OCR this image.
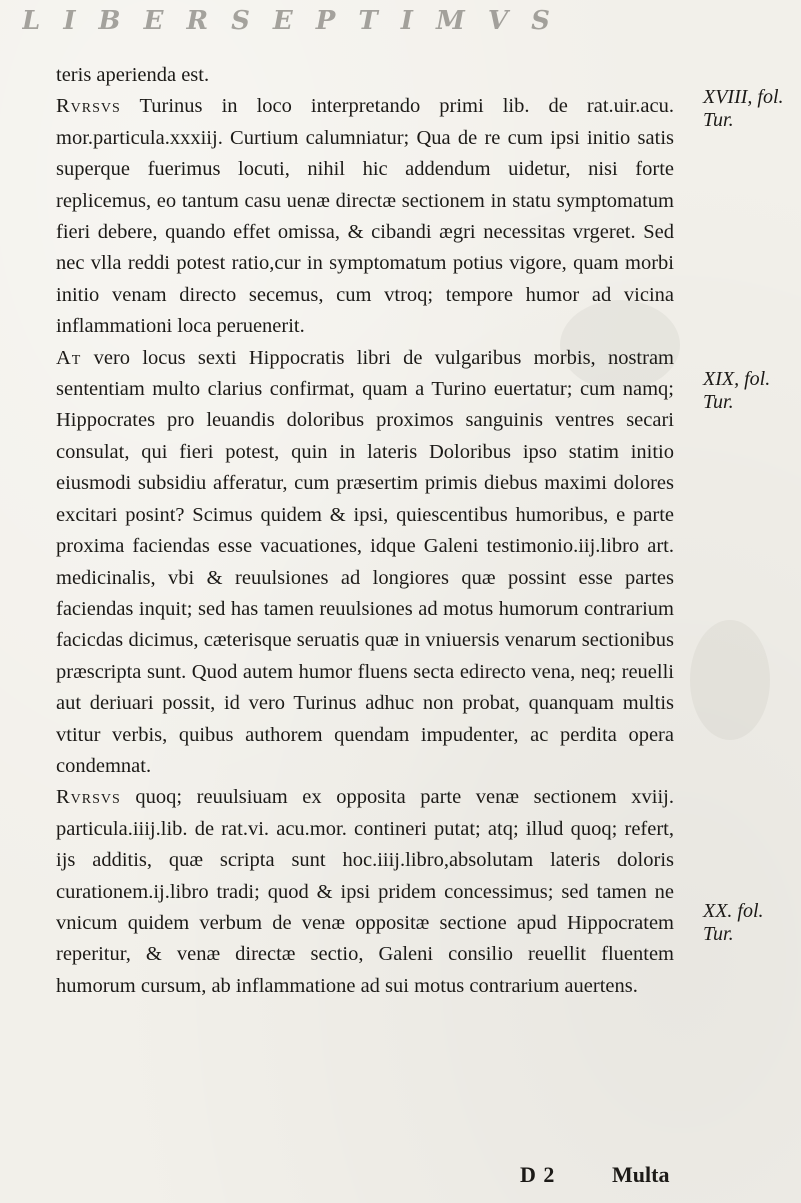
L I B E R S E P T I M V S

teris aperienda est.

Rvrsvs Turinus in loco interpretando primi lib. de rat.uir.acu. mor.particula.xxxiij. Curtium calumniatur; Qua de re cum ipsi initio satis superque fuerimus locuti, nihil hic addendum uidetur, nisi forte replicemus, eo tantum casu uenæ directæ sectionem in statu symptomatum fieri debere, quando effet omissa, & cibandi ægri necessitas vrgeret. Sed nec vlla reddi potest ratio,cur in symptomatum potius vigore, quam morbi initio venam directo secemus, cum vtroq; tempore humor ad vicina inflammationi loca peruenerit.

At vero locus sexti Hippocratis libri de vulgaribus morbis, nostram sententiam multo clarius confirmat, quam a Turino euertatur; cum namq; Hippocrates pro leuandis doloribus proximos sanguinis ventres secari consulat, qui fieri potest, quin in lateris Doloribus ipso statim initio eiusmodi subsidiu afferatur, cum præsertim primis diebus maximi dolores excitari posint? Scimus quidem & ipsi, quiescentibus humoribus, e parte proxima faciendas esse vacuationes, idque Galeni testimonio.iij.libro art. medicinalis, vbi & reuulsiones ad longiores quæ possint esse partes faciendas inquit; sed has tamen reuulsiones ad motus humorum contrarium facicdas dicimus, cæterisque seruatis quæ in vniuersis venarum sectionibus præscripta sunt. Quod autem humor fluens secta edirecto vena, neq; reuelli aut deriuari possit, id vero Turinus adhuc non probat, quanquam multis vtitur verbis, quibus authorem quendam impudenter, ac perdita opera condemnat.

Rvrsvs quoq; reuulsiuam ex opposita parte venæ sectionem xviij. particula.iiij.lib. de rat.vi. acu.mor. contineri putat; atq; illud quoq; refert, ijs additis, quæ scripta sunt hoc.iiij.libro,absolutam lateris doloris curationem.ij.libro tradi; quod & ipsi pridem concessimus; sed tamen ne vnicum quidem verbum de venæ oppositæ sectione apud Hippocratem reperitur, & venæ directæ sectio, Galeni consilio reuellit fluentem humorum cursum, ab inflammatione ad sui motus contrarium auertens.

XVIII, fol. Tur.
XIX, fol. Tur.
XX. fol. Tur.
D 2	Multa
